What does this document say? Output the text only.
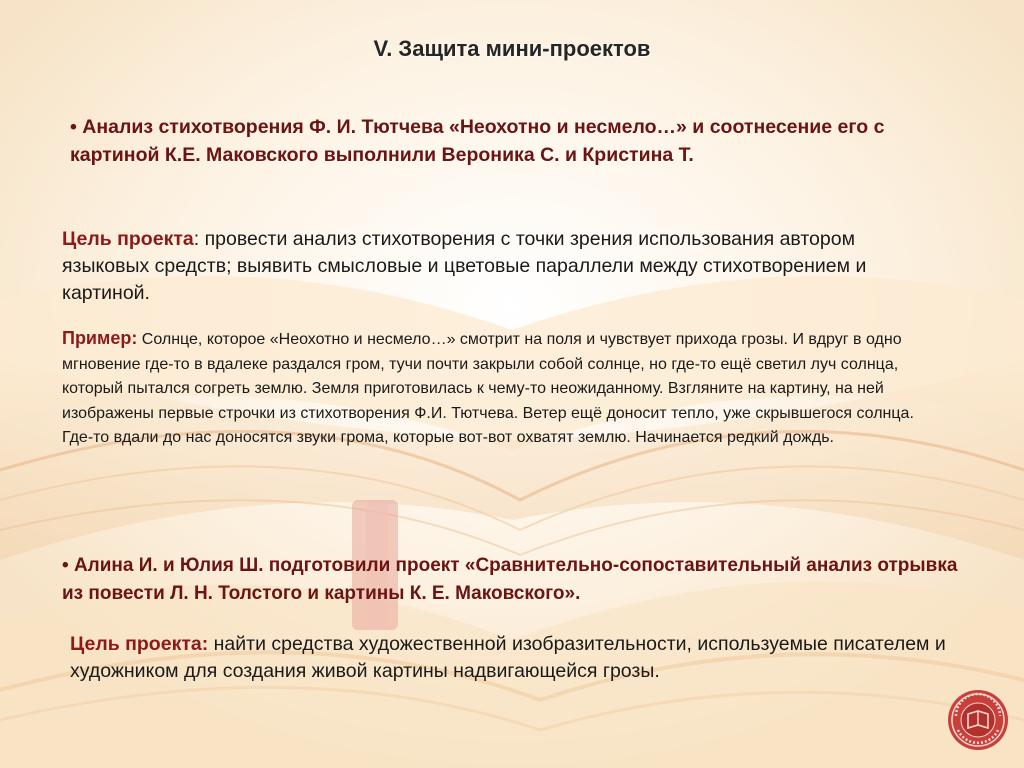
V. Защита мини-проектов
• Анализ стихотворения Ф. И. Тютчева «Неохотно и несмело…» и соотнесение его с картиной К.Е. Маковского выполнили Вероника С. и Кристина Т.
Цель проекта: провести анализ стихотворения с точки зрения использования автором языковых средств; выявить смысловые и цветовые параллели между стихотворением и картиной.
Пример: Солнце, которое «Неохотно и несмело…» смотрит на поля и чувствует прихода грозы. И вдруг в одно мгновение где-то в вдалеке раздался гром, тучи почти закрыли собой солнце, но где-то ещё светил луч солнца, который пытался согреть землю. Земля приготовилась к чему-то неожиданному. Взгляните на картину, на ней изображены первые строчки из стихотворения Ф.И. Тютчева. Ветер ещё доносит тепло, уже скрывшегося солнца. Где-то вдали до нас доносятся звуки грома, которые вот-вот охватят землю. Начинается редкий дождь.
• Алина И. и Юлия Ш. подготовили проект «Сравнительно-сопоставительный анализ отрывка из повести Л. Н. Толстого и картины К. Е. Маковского».
Цель проекта: найти средства художественной изобразительности, используемые писателем и художником для создания живой картины надвигающейся грозы.
